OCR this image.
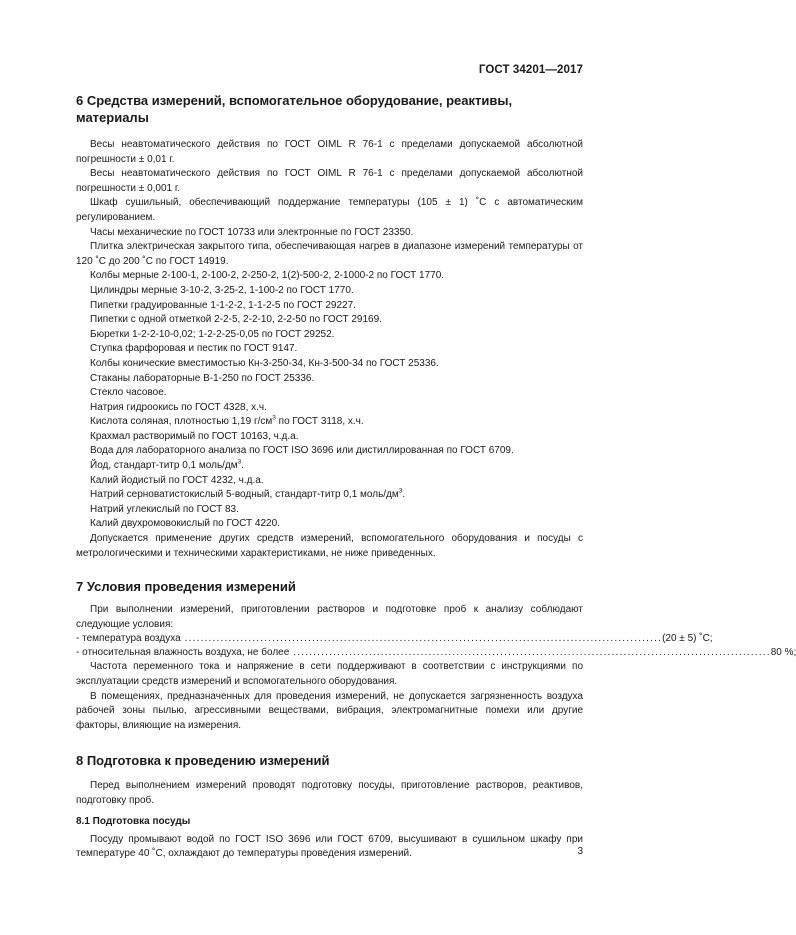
ГОСТ 34201—2017
6 Средства измерений, вспомогательное оборудование, реактивы, материалы

Весы неавтоматического действия по ГОСТ OIML R 76-1 с пределами допускаемой абсолютной погрешности ± 0,01 г.

Весы неавтоматического действия по ГОСТ OIML R 76-1 с пределами допускаемой абсолютной погрешности ± 0,001 г.

Шкаф сушильный, обеспечивающий поддержание температуры (105 ± 1) ˚С с автоматическим регулированием.

Часы механические по ГОСТ 10733 или электронные по ГОСТ 23350.

Плитка электрическая закрытого типа, обеспечивающая нагрев в диапазоне измерений температуры от 120 ˚С до 200 ˚С по ГОСТ 14919.

Колбы мерные 2-100-1, 2-100-2, 2-250-2, 1(2)-500-2, 2-1000-2 по ГОСТ 1770.

Цилиндры мерные 3-10-2, 3-25-2, 1-100-2 по ГОСТ 1770.

Пипетки градуированные 1-1-2-2, 1-1-2-5 по ГОСТ 29227.

Пипетки с одной отметкой 2-2-5, 2-2-10, 2-2-50 по ГОСТ 29169.

Бюретки 1-2-2-10-0,02; 1-2-2-25-0,05 по ГОСТ 29252.

Ступка фарфоровая и пестик по ГОСТ 9147.

Колбы конические вместимостью Кн-3-250-34, Кн-3-500-34 по ГОСТ 25336.

Стаканы лабораторные В-1-250 по ГОСТ 25336.

Стекло часовое.

Натрия гидроокись по ГОСТ 4328, х.ч.

Кислота соляная, плотностью 1,19 $г/см^3$ по ГОСТ 3118, х.ч.

Крахмал растворимый по ГОСТ 10163, ч.д.а.

Вода для лабораторного анализа по ГОСТ ISO 3696 или дистиллированная по ГОСТ 6709.

Йод, стандарт-титр 0,1 моль/$дм^3$.

Калий йодистый по ГОСТ 4232, ч.д.а.

Натрий серноватистокислый 5-водный, стандарт-титр 0,1 моль/$дм^3$.

Натрий углекислый по ГОСТ 83.

Калий двухромовокислый по ГОСТ 4220.

Допускается применение других средств измерений, вспомогательного оборудования и посуды с метрологическими и техническими характеристиками, не ниже приведенных.

7 Условия проведения измерений

При выполнении измерений, приготовлении растворов и подготовке проб к анализу соблюдают следующие условия:

- температура воздуха ........................................................................................................................ (20 ± 5) ˚С;
- относительная влажность воздуха, не более ........................................................................................................................ 80 %;

Частота переменного тока и напряжение в сети поддерживают в соответствии с инструкциями по эксплуатации средств измерений и вспомогательного оборудования.

В помещениях, предназначенных для проведения измерений, не допускается загрязненность воздуха рабочей зоны пылью, агрессивными веществами, вибрация, электромагнитные помехи или другие факторы, влияющие на измерения.

8 Подготовка к проведению измерений

Перед выполнением измерений проводят подготовку посуды, приготовление растворов, реактивов, подготовку проб.

8.1 Подготовка посуды

Посуду промывают водой по ГОСТ ISO 3696 или ГОСТ 6709, высушивают в сушильном шкафу при температуре 40 ˚С, охлаждают до температуры проведения измерений.	3
